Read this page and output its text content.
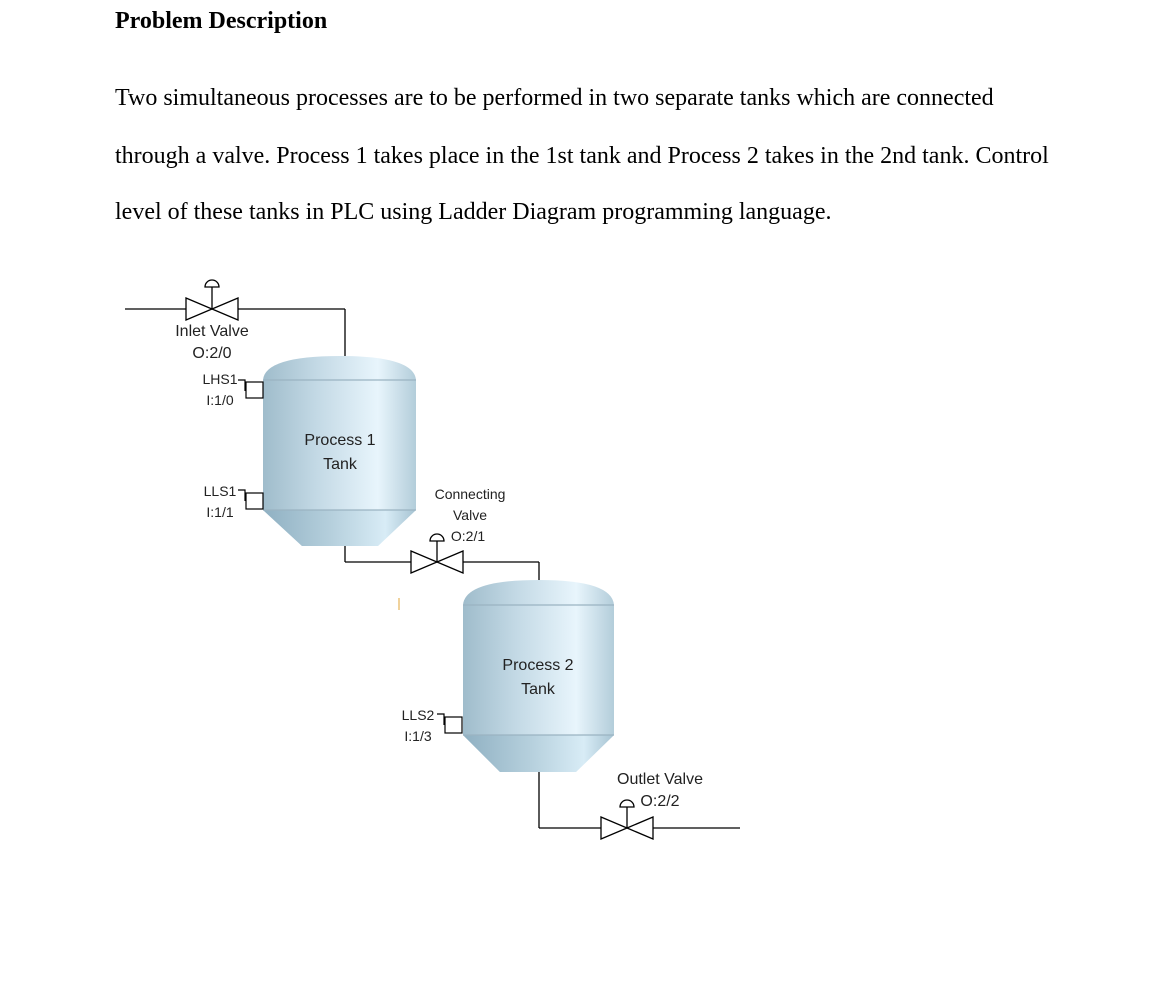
Problem Description

Two simultaneous processes are to be performed in two separate tanks which are connected

through a valve. Process 1 takes place in the 1st tank and Process 2 takes in the 2nd tank. Control

level of these tanks in PLC using Ladder Diagram programming language.

Inlet Valve
O:2/0
Process 1
Tank
LHS1
I:1/0
LLS1
I:1/1
Connecting
Valve
O:2/1
Process 2
Tank
LLS2
I:1/3
Outlet Valve
O:2/2
